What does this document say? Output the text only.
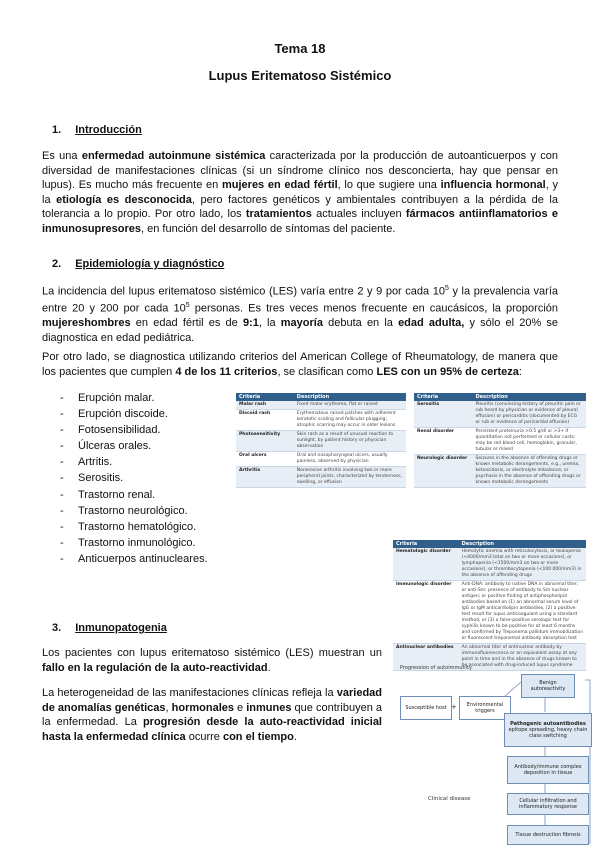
Tema 18
Lupus Eritematoso Sistémico
1. Introducción
Es una enfermedad autoinmune sistémica caracterizada por la producción de autoanticuerpos y con diversidad de manifestaciones clínicas (si un síndrome clínico nos desconcierta, hay que pensar en lupus). Es mucho más frecuente en mujeres en edad fértil, lo que sugiere una influencia hormonal, y la etiología es desconocida, pero factores genéticos y ambientales contribuyen a la pérdida de la tolerancia a lo propio. Por otro lado, los tratamientos actuales incluyen fármacos antiinflamatorios e inmunosupresores, en función del desarrollo de síntomas del paciente.
2. Epidemiología y diagnóstico
La incidencia del lupus eritematoso sistémico (LES) varía entre 2 y 9 por cada $10^5$ y la prevalencia varía entre 20 y 200 por cada $10^5$ personas. Es tres veces menos frecuente en caucásicos, la proporción mujereshombres en edad fértil es de 9:1, la mayoría debuta en la edad adulta, y sólo el 20% se diagnostica en edad pediátrica.
Por otro lado, se diagnostica utilizando criterios del American College of Rheumatology, de manera que los pacientes que cumplen 4 de los 11 criterios, se clasifican como LES con un 95% de certeza:
- Erupción malar.
- Erupción discoide.
- Fotosensibilidad.
- Úlceras orales.
- Artritis.
- Serositis.
- Trastorno renal.
- Trastorno neurológico.
- Trastorno hematológico.
- Trastorno inmunológico.
- Anticuerpos antinucleares.
Criteria	Description
Malar rash	Fixed malar erythema, flat or raised
Discoid rash	Erythematous raised patches with adherent keratotic scaling and follicular plugging; atrophic scarring may occur in older lesions
Photosensitivity	Skin rash as a result of unusual reaction to sunlight, by patient history or physician observation
Oral ulcers	Oral and nasopharyngeal ulcers, usually painless, observed by physician
Arthritis	Nonerosive arthritis involving two or more peripheral joints, characterized by tenderness, swelling, or effusion
Criteria	Description
Serositis	Pleuritis (convincing history of pleuritic pain or rub heard by physician or evidence of pleural effusion) or pericarditis (documented by ECG or rub or evidence of pericardial effusion)
Renal disorder	Persistent proteinuria >0.5 g/dl or >3+ if quantitation not performed or cellular casts: may be red blood cell, hemoglobin, granular, tubular or mixed
Neurologic disorder	Seizures in the absence of offending drugs or known metabolic derangements, e.g., uremia, ketoacidosis, or electrolyte imbalance; or psychosis in the absence of offending drugs or known metabolic derangements
Criteria	Description
Hematologic disorder	Hemolytic anemia with reticulocytosis, or leukopenia (<4000/mm3 total on two or more occasions), or lymphopenia (<1500/mm3 on two or more occasions), or thrombocytopenia (<100 000/mm3) in the absence of offending drugs
Immunologic disorder	Anti-DNA: antibody to native DNA in abnormal titer; or anti-Sm: presence of antibody to Sm nuclear antigen; or positive finding of antiphospholipid antibodies based on (1) an abnormal serum level of IgG or IgM anticardiolipin antibodies, (2) a positive test result for lupus anticoagulant using a standard method, or (3) a false-positive serologic test for syphilis known to be positive for at least 6 months and confirmed by Treponema pallidum immobilization or fluorescent treponemal antibody absorption test
Antinuclear antibodies	An abnormal titer of antinuclear antibody by immunofluorescence or an equivalent assay at any point in time and in the absence of drugs known to be associated with drug-induced lupus syndrome
3. Inmunopatogenia
Los pacientes con lupus eritematoso sistémico (LES) muestran un fallo en la regulación de la auto-reactividad.
La heterogeneidad de las manifestaciones clínicas refleja la variedad de anomalías genéticas, hormonales e inmunes que contribuyen a la enfermedad. La progresión desde la auto-reactividad inicial hasta la enfermedad clínica ocurre con el tiempo.
Progression of autoimmunity
Susceptible host +	Environmental triggers
Benign autoreactivity
Pathogenic autoantibodies
epitope spreading, heavy chain class switching
Antibody/immune complex deposition in tissue
Cellular infiltration and inflammatory response
Tissue destruction fibrosis
Clinical disease
